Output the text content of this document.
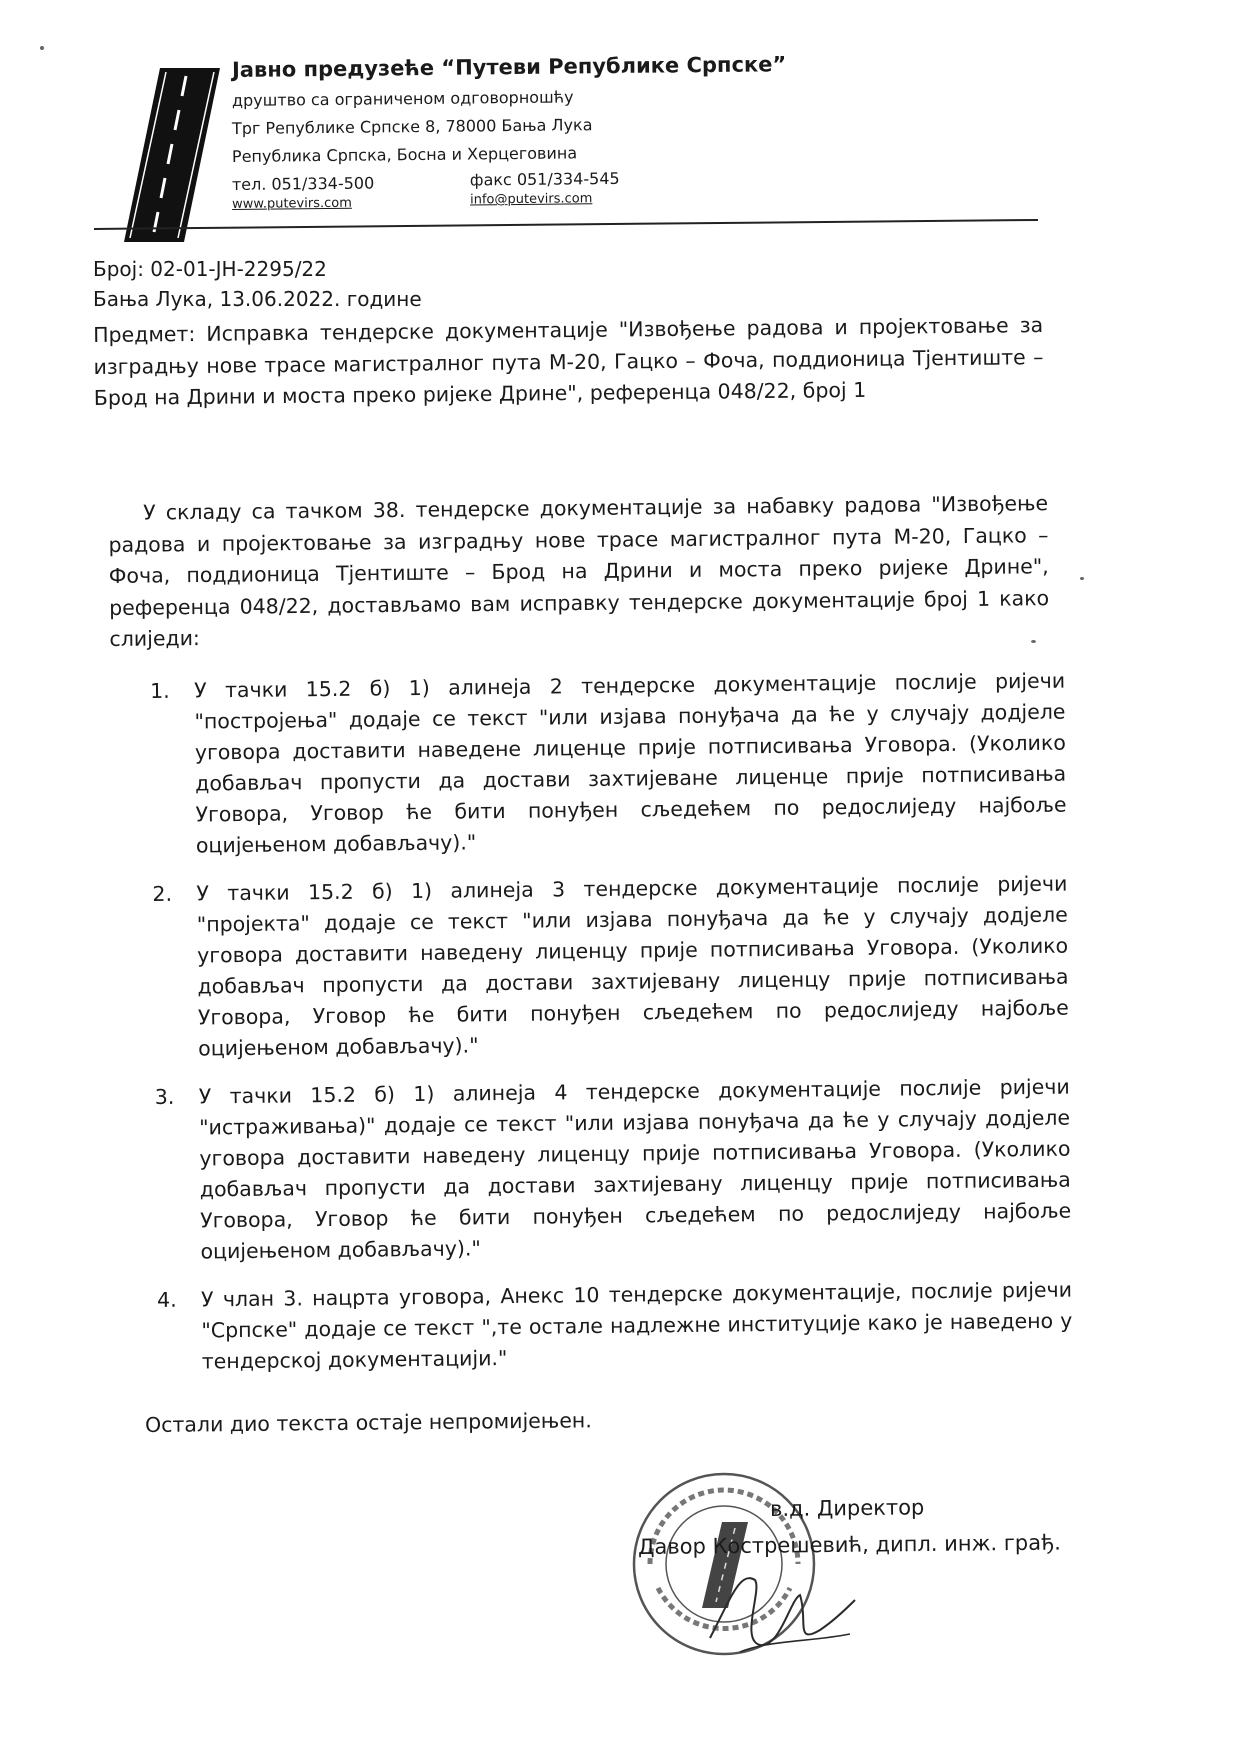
Јавно предузеће “Путеви Републике Српске”
друштво са ограниченом одговорношћу
Трг Републике Српске 8, 78000 Бања Лука
Република Српска, Босна и Херцеговина
тел. 051/334-500	факс 051/334-545
www.putevirs.com	info@putevirs.com
Број: 02-01-ЈН-2295/22
Бања Лука, 13.06.2022. године
Предмет: Исправка тендерске документације "Извођење радова и пројектовање за изградњу нове трасе магистралног пута М-20, Гацко – Фоча, поддионица Тјентиште – Брод на Дрини и моста преко ријеке Дрине", референца 048/22, број 1
У складу са тачком 38. тендерске документације за набавку радова "Извођење радова и пројектовање за изградњу нове трасе магистралног пута М-20, Гацко – Фоча, поддионица Тјентиште – Брод на Дрини и моста преко ријеке Дрине", референца 048/22, достављамо вам исправку тендерске документације број 1 како слиједи:
1. У тачки 15.2 б) 1) алинеја 2 тендерске документације послије ријечи "постројења" додаје се текст "или изјава понуђача да ће у случају додјеле уговора доставити наведене лиценце прије потписивања Уговора. (Уколико добављач пропусти да достави захтијеване лиценце прије потписивања Уговора, Уговор ће бити понуђен сљедећем по редослиједу најбоље оцијењеном добављачу)."
2. У тачки 15.2 б) 1) алинеја 3 тендерске документације послије ријечи "пројекта" додаје се текст "или изјава понуђача да ће у случају додјеле уговора доставити наведену лиценцу прије потписивања Уговора. (Уколико добављач пропусти да достави захтијевану лиценцу прије потписивања Уговора, Уговор ће бити понуђен сљедећем по редослиједу најбоље оцијењеном добављачу)."
3. У тачки 15.2 б) 1) алинеја 4 тендерске документације послије ријечи "истраживања)" додаје се текст "или изјава понуђача да ће у случају додјеле уговора доставити наведену лиценцу прије потписивања Уговора. (Уколико добављач пропусти да достави захтијевану лиценцу прије потписивања Уговора, Уговор ће бити понуђен сљедећем по редослиједу најбоље оцијењеном добављачу)."
4. У члан 3. нацрта уговора, Анекс 10 тендерске документације, послије ријечи "Српске" додаје се текст ",те остале надлежне институције како је наведено у тендерској документацији."
Остали дио текста остаје непромијењен.
в.д. Директор
Давор Кострешевић, дипл. инж. грађ.
